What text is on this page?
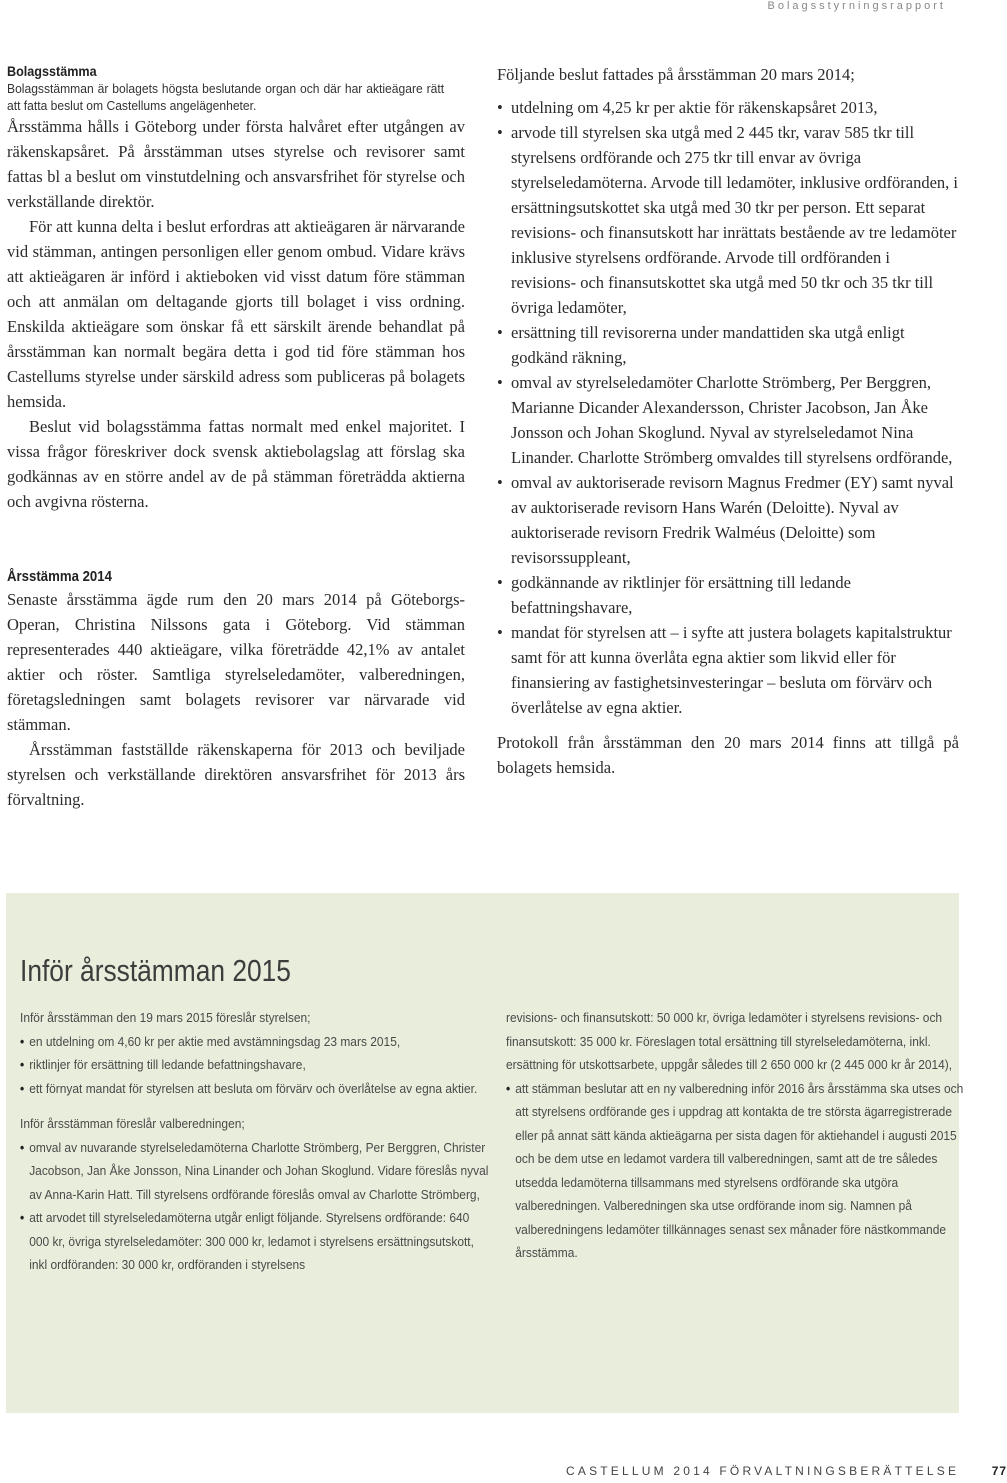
Bolagsstyrningsrapport
Bolagsstämma

Bolagsstämman är bolagets högsta beslutande organ och där har aktieägare rätt att fatta beslut om Castellums angelägenheter.

Årsstämma hålls i Göteborg under första halvåret efter utgången av räkenskapsåret. På årsstämman utses styrelse och revisorer samt fattas bl a beslut om vinstutdelning och ansvarsfrihet för styrelse och verkställande direktör.

För att kunna delta i beslut erfordras att aktieägaren är närvarande vid stämman, antingen personligen eller genom ombud. Vidare krävs att aktieägaren är införd i aktieboken vid visst datum före stämman och att anmälan om deltagande gjorts till bolaget i viss ordning. Enskilda aktieägare som önskar få ett särskilt ärende behandlat på årsstämman kan normalt begära detta i god tid före stämman hos Castellums styrelse under särskild adress som publiceras på bolagets hemsida.

Beslut vid bolagsstämma fattas normalt med enkel majoritet. I vissa frågor föreskriver dock svensk aktiebolagslag att förslag ska godkännas av en större andel av de på stämman företrädda aktierna och avgivna rösterna.

Årsstämma 2014

Senaste årsstämma ägde rum den 20 mars 2014 på Göteborgs-Operan, Christina Nilssons gata i Göteborg. Vid stämman representerades 440 aktieägare, vilka företrädde 42,1% av antalet aktier och röster. Samtliga styrelseledamöter, valberedningen, företagsledningen samt bolagets revisorer var närvarade vid stämman.

Årsstämman fastställde räkenskaperna för 2013 och beviljade styrelsen och verkställande direktören ansvarsfrihet för 2013 års förvaltning.

Följande beslut fattades på årsstämman 20 mars 2014;

• utdelning om 4,25 kr per aktie för räkenskapsåret 2013,
• arvode till styrelsen ska utgå med 2 445 tkr, varav 585 tkr till styrelsens ordförande och 275 tkr till envar av övriga styrelseledamöterna. Arvode till ledamöter, inklusive ordföranden, i ersättningsutskottet ska utgå med 30 tkr per person. Ett separat revisions- och finansutskott har inrättats bestående av tre ledamöter inklusive styrelsens ordförande. Arvode till ordföranden i revisions- och finansutskottet ska utgå med 50 tkr och 35 tkr till övriga ledamöter,
• ersättning till revisorerna under mandattiden ska utgå enligt godkänd räkning,
• omval av styrelseledamöter Charlotte Strömberg, Per Berggren, Marianne Dicander Alexandersson, Christer Jacobson, Jan Åke Jonsson och Johan Skoglund. Nyval av styrelseledamot Nina Linander. Charlotte Strömberg omvaldes till styrelsens ordförande,
• omval av auktoriserade revisorn Magnus Fredmer (EY) samt nyval av auktoriserade revisorn Hans Warén (Deloitte). Nyval av auktoriserade revisorn Fredrik Walméus (Deloitte) som revisorssuppleant,
• godkännande av riktlinjer för ersättning till ledande befattningshavare,
• mandat för styrelsen att – i syfte att justera bolagets kapitalstruktur samt för att kunna överlåta egna aktier som likvid eller för finansiering av fastighetsinvesteringar – besluta om förvärv och överlåtelse av egna aktier.

Protokoll från årsstämman den 20 mars 2014 finns att tillgå på bolagets hemsida.

Inför årsstämman 2015

Inför årsstämman den 19 mars 2015 föreslår styrelsen;

• en utdelning om 4,60 kr per aktie med avstämningsdag 23 mars 2015,
• riktlinjer för ersättning till ledande befattningshavare,
• ett förnyat mandat för styrelsen att besluta om förvärv och överlåtelse av egna aktier.

Inför årsstämman föreslår valberedningen;

• omval av nuvarande styrelseledamöterna Charlotte Strömberg, Per Berggren, Christer Jacobson, Jan Åke Jonsson, Nina Linander och Johan Skoglund. Vidare föreslås nyval av Anna-Karin Hatt. Till styrelsens ordförande föreslås omval av Charlotte Strömberg,
• att arvodet till styrelseledamöterna utgår enligt följande. Styrelsens ordförande: 640 000 kr, övriga styrelseledamöter: 300 000 kr, ledamot i styrelsens ersättningsutskott, inkl ordföranden: 30 000 kr, ordföranden i styrelsens

revisions- och finansutskott: 50 000 kr, övriga ledamöter i styrelsens revisions- och finansutskott: 35 000 kr. Föreslagen total ersättning till styrelseledamöterna, inkl. ersättning för utskottsarbete, uppgår således till 2 650 000 kr (2 445 000 kr år 2014),

• att stämman beslutar att en ny valberedning inför 2016 års årsstämma ska utses och att styrelsens ordförande ges i uppdrag att kontakta de tre största ägarregistrerade eller på annat sätt kända aktieägarna per sista dagen för aktiehandel i augusti 2015 och be dem utse en ledamot vardera till valberedningen, samt att de tre således utsedda ledamöterna tillsammans med styrelsens ordförande ska utgöra valberedningen. Valberedningen ska utse ordförande inom sig. Namnen på valberedningens ledamöter tillkännages senast sex månader före nästkommande årsstämma.
CASTELLUM 2014 FÖRVALTNINGSBERÄTTELSE	77
